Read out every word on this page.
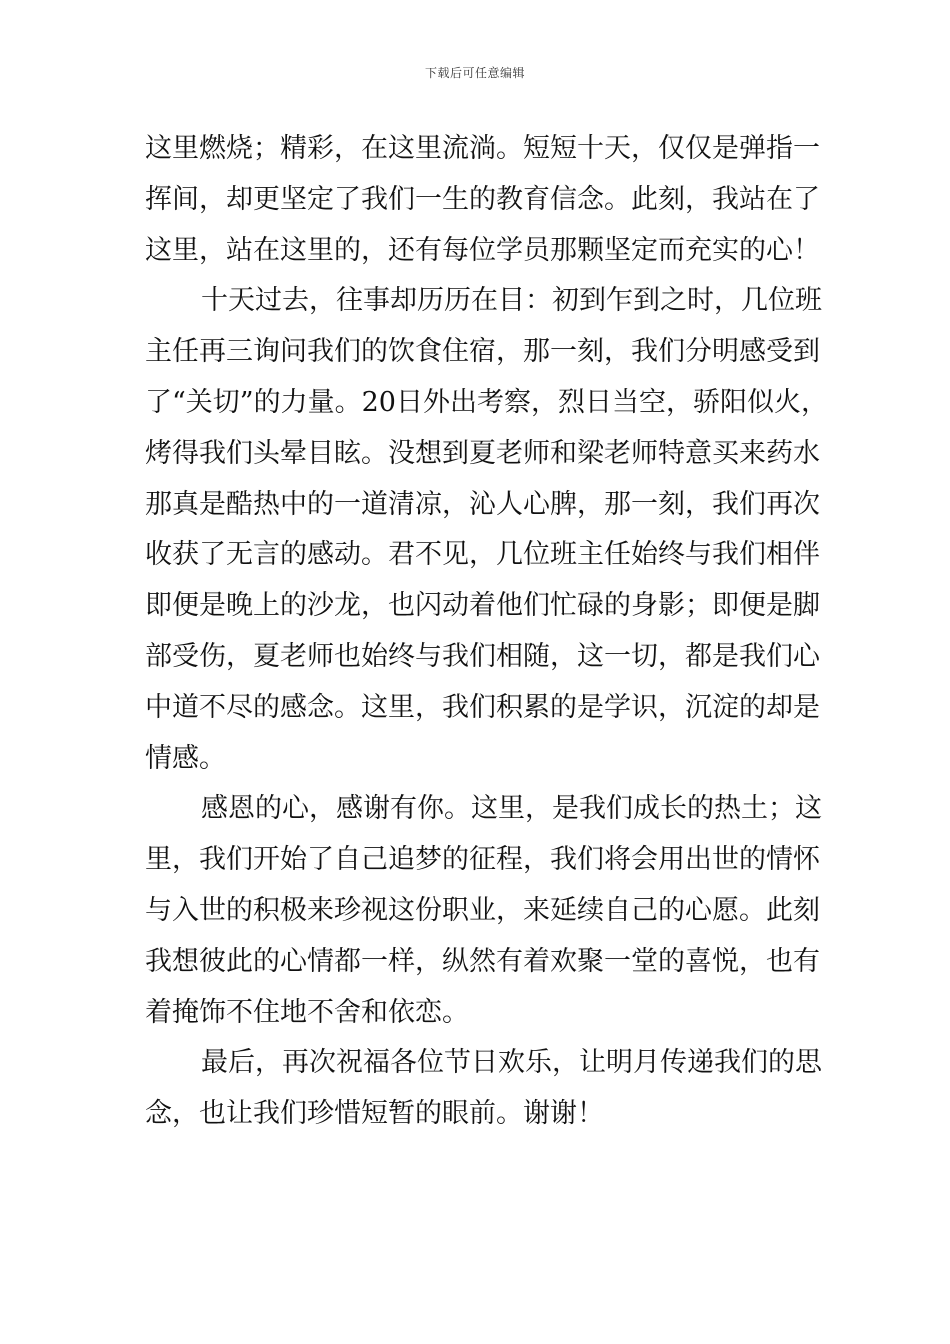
下载后可任意编辑
这里燃烧；精彩，在这里流淌。短短十天，仅仅是弹指一
挥间，却更坚定了我们一生的教育信念。此刻，我站在了
这里，站在这里的，还有每位学员那颗坚定而充实的心！
十天过去，往事却历历在目：初到乍到之时，几位班
主任再三询问我们的饮食住宿，那一刻，我们分明感受到
了“关切”的力量。20日外出考察，烈日当空，骄阳似火，
烤得我们头晕目眩。没想到夏老师和梁老师特意买来药水
那真是酷热中的一道清凉，沁人心脾，那一刻，我们再次
收获了无言的感动。君不见，几位班主任始终与我们相伴
即便是晚上的沙龙，也闪动着他们忙碌的身影；即便是脚
部受伤，夏老师也始终与我们相随，这一切，都是我们心
中道不尽的感念。这里，我们积累的是学识，沉淀的却是
情感。
感恩的心，感谢有你。这里，是我们成长的热土；这
里，我们开始了自己追梦的征程，我们将会用出世的情怀
与入世的积极来珍视这份职业，来延续自己的心愿。此刻
我想彼此的心情都一样，纵然有着欢聚一堂的喜悦，也有
着掩饰不住地不舍和依恋。
最后，再次祝福各位节日欢乐，让明月传递我们的思
念，也让我们珍惜短暂的眼前。谢谢！
